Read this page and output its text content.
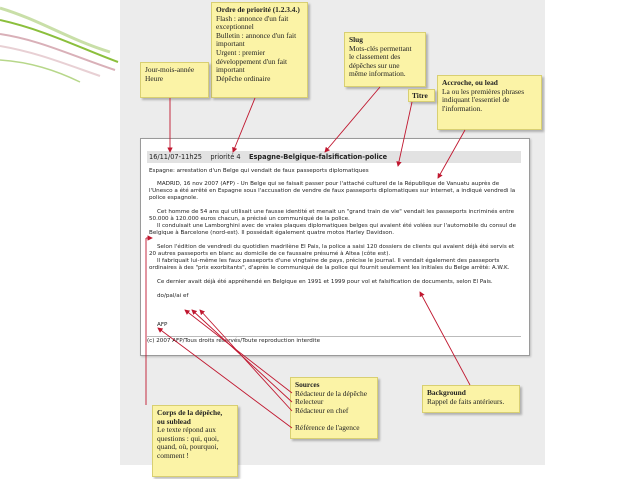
Ordre de priorité (1.2.3.4.)
Flash : annonce d'un fait
exceptionnel
Bulletin : annonce d'un fait
important
Urgent : premier
développement d'un fait
important
Dépêche ordinaire
Slug
Mots-clés permettant
le classement des
dépêches sur une
même information.
Jour-mois-année
Heure	Accroche, ou lead
La ou les premières phrases
indiquant l'essentiel de
l'information.
Titre
16/11/07-11h25 priorité 4 Espagne-Belgique-falsification-police

Espagne: arrestation d'un Belge qui vendait de faux passeports diplomatiques

MADRID, 16 nov 2007 (AFP) - Un Belge qui se faisait passer pour l'attaché culturel de la République de Vanuatu auprès de l'Unesco a été arrêté en Espagne sous l'accusation de vendre de faux passeports diplomatiques sur internet, a indiqué vendredi la police espagnole.

Cet homme de 54 ans qui utilisait une fausse identité et menait un "grand train de vie" vendait les passeports incriminés entre 50.000 à 120.000 euros chacun, a précisé un communiqué de la police.

Il conduisait une Lamborghini avec de vraies plaques diplomatiques belges qui avaient été volées sur l'automobile du consul de Belgique à Barcelone (nord-est). Il possédait également quatre motos Harley Davidson.

Selon l'édition de vendredi du quotidien madrilène El Pais, la police a saisi 120 dossiers de clients qui avaient déjà été servis et 20 autres passeports en blanc au domicile de ce faussaire présumé à Altea (côte est).

Il fabriquait lui-même les faux passeports d'une vingtaine de pays, précise le journal. Il vendait également des passeports ordinaires à des "prix exorbitants", d'après le communiqué de la police qui fournit seulement les initiales du Belge arrêté: A.W.K.

Ce dernier avait déjà été appréhendé en Belgique en 1991 et 1999 pour vol et falsification de documents, selon El Pais.

do/pal/ai ef

AFP

(c) 2007 AFP/Tous droits réservés/Toute reproduction interdite
Sources
Rédacteur de la dépêche
Relecteur
Rédacteur en chef

Référence de l'agence
Background
Rappel de faits antérieurs.
Corps de la dépêche,
ou sublead
Le texte répond aux
questions : qui, quoi,
quand, où, pourquoi,
comment !
